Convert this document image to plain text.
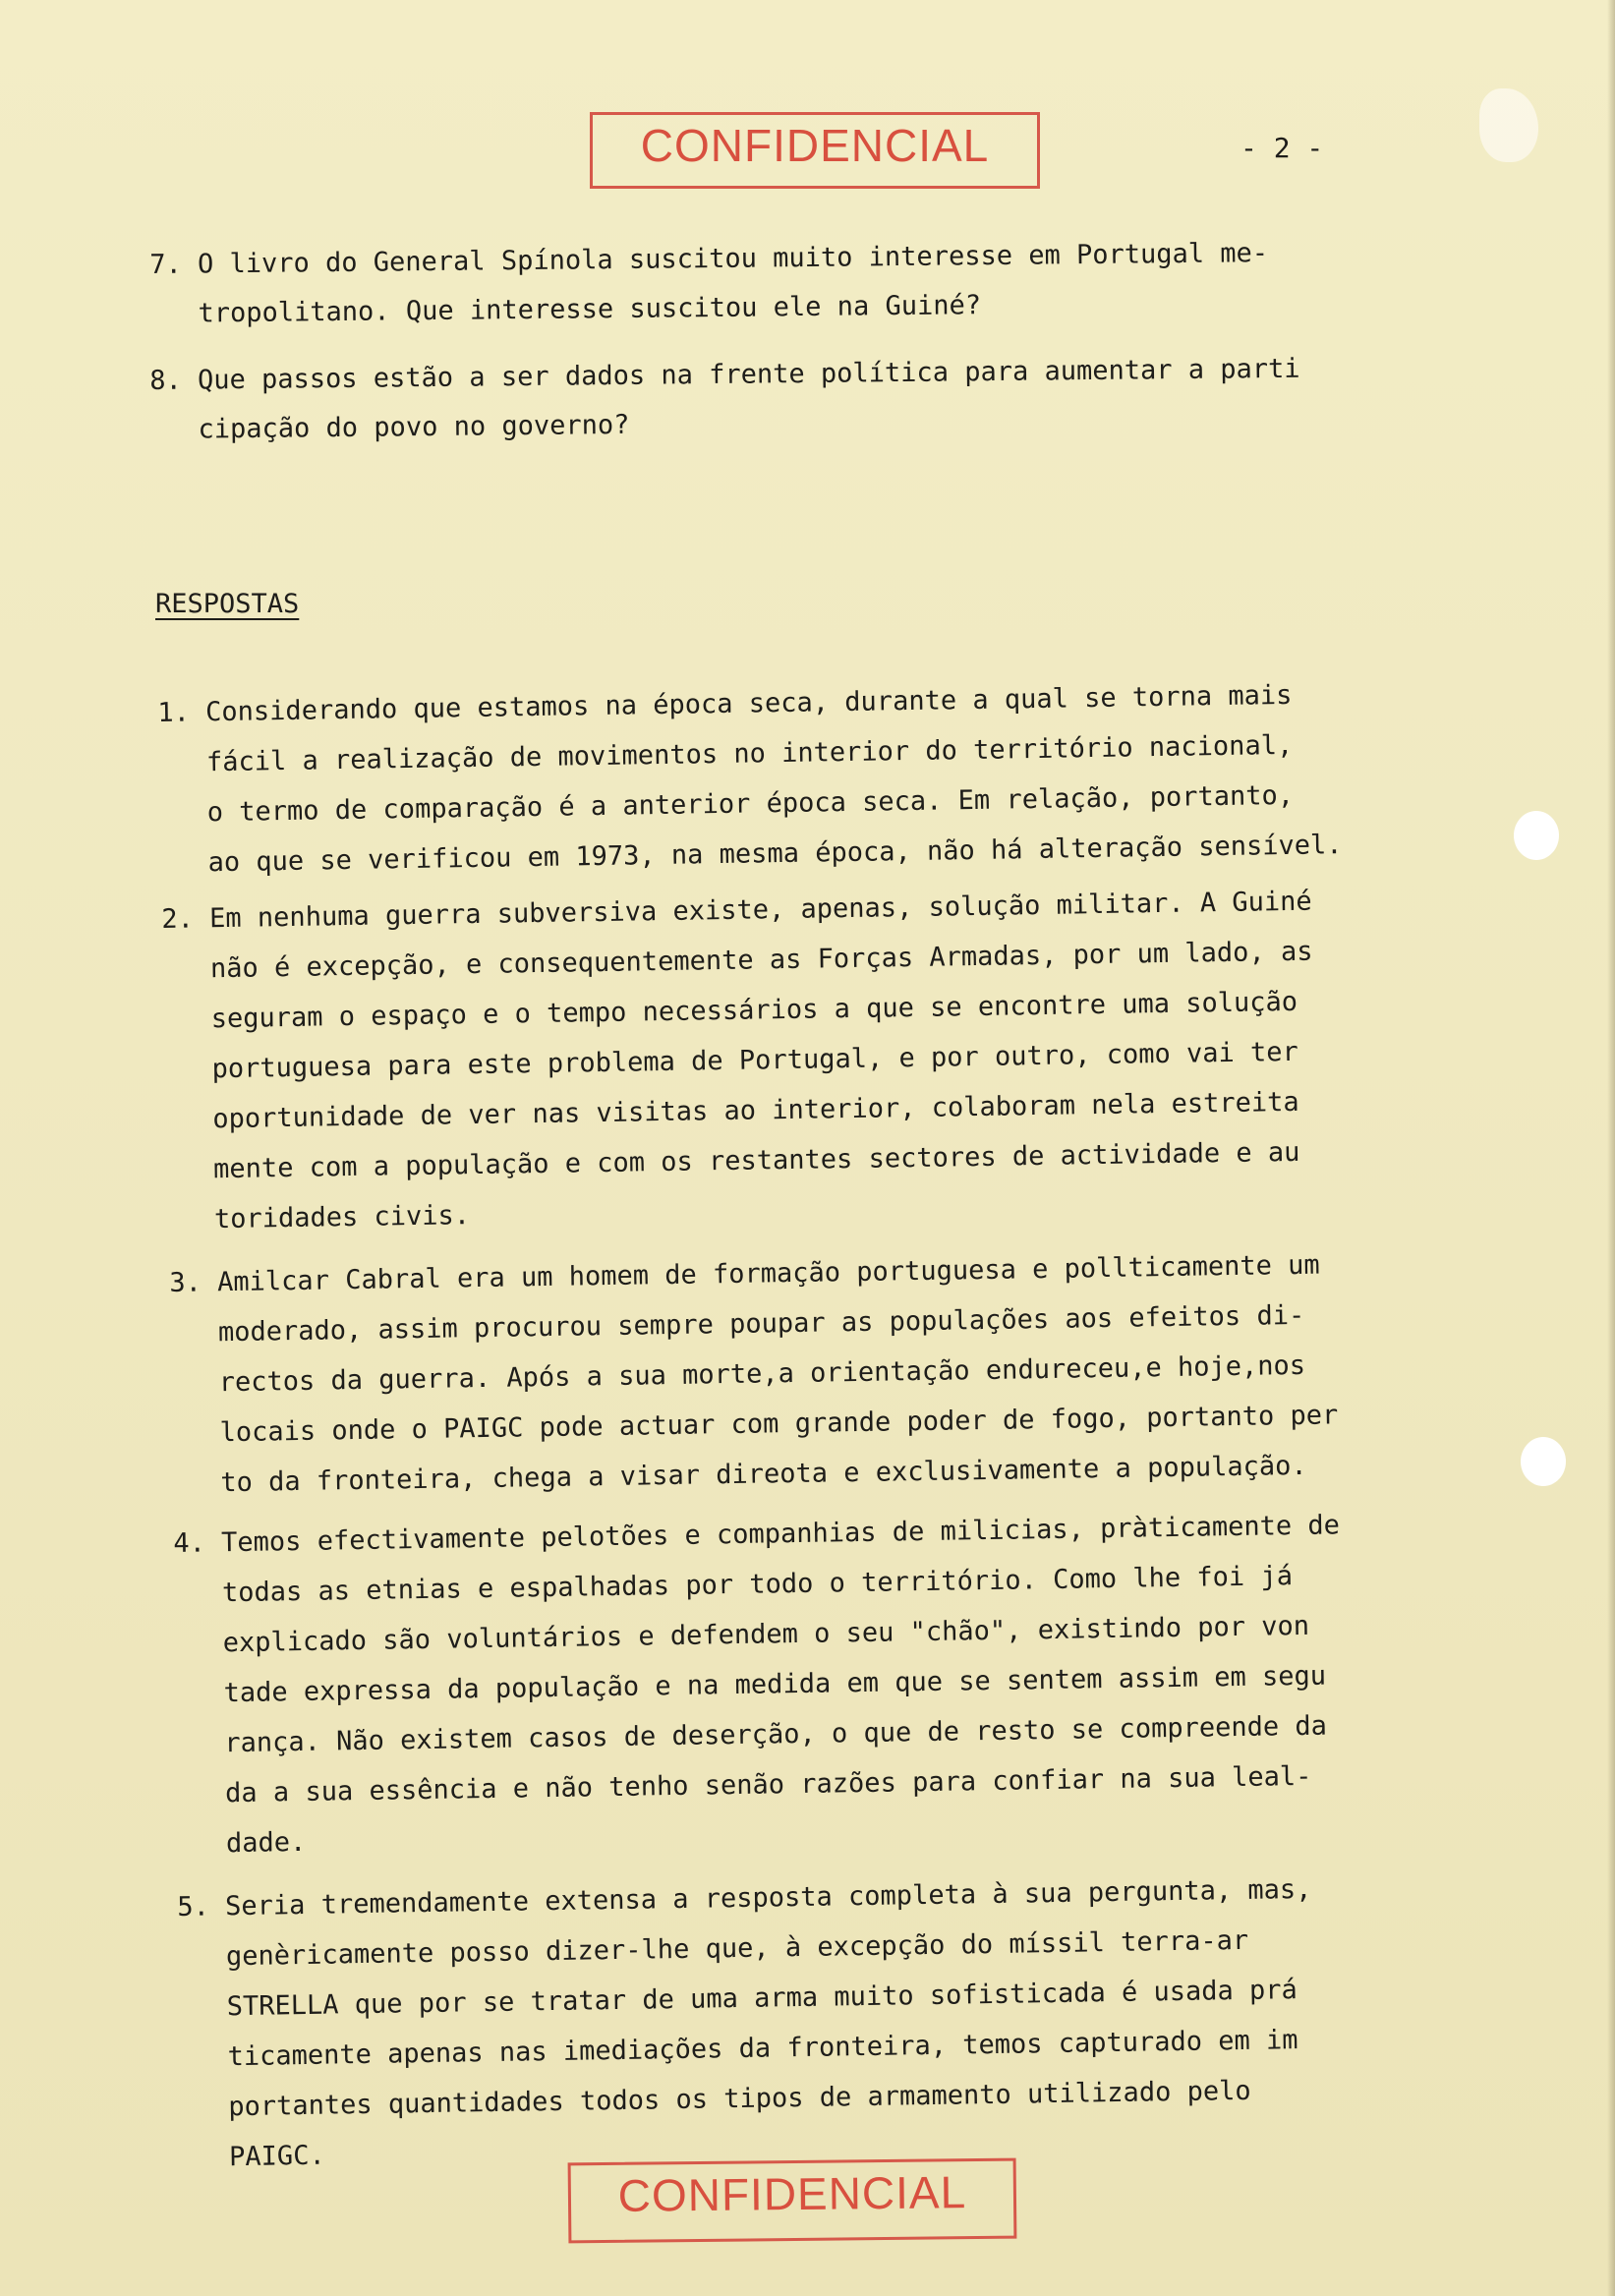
CONFIDENCIAL	- 2 -
7. O livro do General Spínola suscitou muito interesse em Portugal me-
tropolitano. Que interesse suscitou ele na Guiné?
8. Que passos estão a ser dados na frente política para aumentar a parti
cipação do povo no governo?
RESPOSTAS
1. Considerando que estamos na época seca, durante a qual se torna mais
fácil a realização de movimentos no interior do território nacional,
o termo de comparação é a anterior época seca. Em relação, portanto,
ao que se verificou em 1973, na mesma época, não há alteração sensível.
2. Em nenhuma guerra subversiva existe, apenas, solução militar. A Guiné
não é excepção, e consequentemente as Forças Armadas, por um lado, as
seguram o espaço e o tempo necessários a que se encontre uma solução
portuguesa para este problema de Portugal, e por outro, como vai ter
oportunidade de ver nas visitas ao interior, colaboram nela estreita
mente com a população e com os restantes sectores de actividade e au
toridades civis.
3. Amilcar Cabral era um homem de formação portuguesa e pollticamente um
moderado, assim procurou sempre poupar as populações aos efeitos di-
rectos da guerra. Após a sua morte,a orientação endureceu,e hoje,nos
locais onde o PAIGC pode actuar com grande poder de fogo, portanto per
to da fronteira, chega a visar direota e exclusivamente a população.
4. Temos efectivamente pelotões e companhias de milicias, pràticamente de
todas as etnias e espalhadas por todo o território. Como lhe foi já
explicado são voluntários e defendem o seu "chão", existindo por von
tade expressa da população e na medida em que se sentem assim em segu
rança. Não existem casos de deserção, o que de resto se compreende da
da a sua essência e não tenho senão razões para confiar na sua leal-
dade.
5. Seria tremendamente extensa a resposta completa à sua pergunta, mas,
genèricamente posso dizer-lhe que, à excepção do míssil terra-ar
STRELLA que por se tratar de uma arma muito sofisticada é usada prá
ticamente apenas nas imediações da fronteira, temos capturado em im
portantes quantidades todos os tipos de armamento utilizado pelo
PAIGC.
CONFIDENCIAL
